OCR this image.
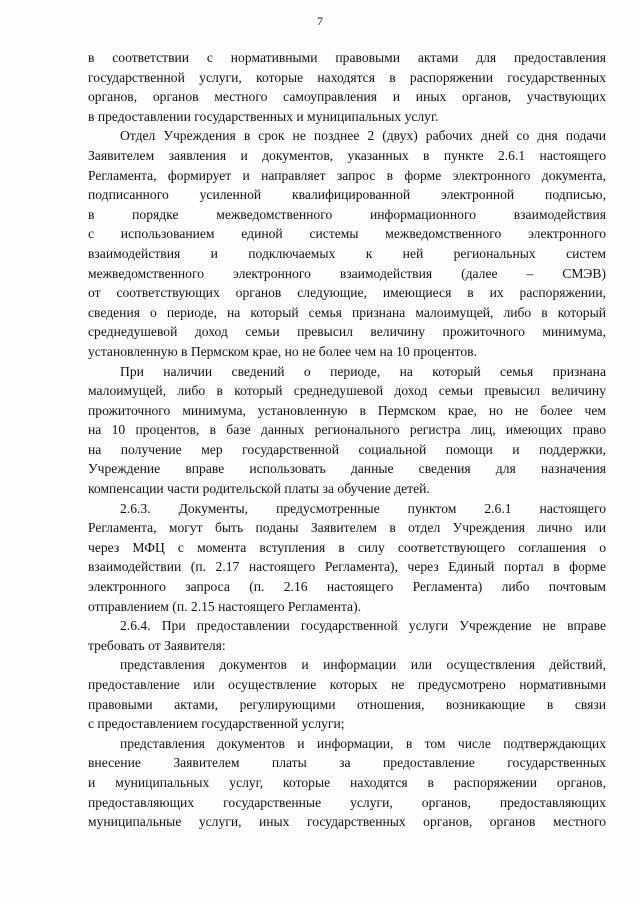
7
в соответствии с нормативными правовыми актами для предоставления
государственной услуги, которые находятся в распоряжении государственных
органов, органов местного самоуправления и иных органов, участвующих
в предоставлении государственных и муниципальных услуг.
Отдел Учреждения в срок не позднее 2 (двух) рабочих дней со дня подачи
Заявителем заявления и документов, указанных в пункте 2.6.1 настоящего
Регламента, формирует и направляет запрос в форме электронного документа,
подписанного усиленной квалифицированной электронной подписью,
в порядке межведомственного информационного взаимодействия
с использованием единой системы межведомственного электронного
взаимодействия и подключаемых к ней региональных систем
межведомственного электронного взаимодействия (далее – СМЭВ)
от соответствующих органов следующие, имеющиеся в их распоряжении,
сведения о периоде, на который семья признана малоимущей, либо в который
среднедушевой доход семьи превысил величину прожиточного минимума,
установленную в Пермском крае, но не более чем на 10 процентов.
При наличии сведений о периоде, на который семья признана
малоимущей, либо в который среднедушевой доход семьи превысил величину
прожиточного минимума, установленную в Пермском крае, но не более чем
на 10 процентов, в базе данных регионального регистра лиц, имеющих право
на получение мер государственной социальной помощи и поддержки,
Учреждение вправе использовать данные сведения для назначения
компенсации части родительской платы за обучение детей.
2.6.3. Документы, предусмотренные пунктом 2.6.1 настоящего
Регламента, могут быть поданы Заявителем в отдел Учреждения лично или
через МФЦ с момента вступления в силу соответствующего соглашения о
взаимодействии (п. 2.17 настоящего Регламента), через Единый портал в форме
электронного запроса (п. 2.16 настоящего Регламента) либо почтовым
отправлением (п. 2.15 настоящего Регламента).
2.6.4. При предоставлении государственной услуги Учреждение не вправе
требовать от Заявителя:
представления документов и информации или осуществления действий,
предоставление или осуществление которых не предусмотрено нормативными
правовыми актами, регулирующими отношения, возникающие в связи
с предоставлением государственной услуги;
представления документов и информации, в том числе подтверждающих
внесение Заявителем платы за предоставление государственных
и муниципальных услуг, которые находятся в распоряжении органов,
предоставляющих государственные услуги, органов, предоставляющих
муниципальные услуги, иных государственных органов, органов местного
